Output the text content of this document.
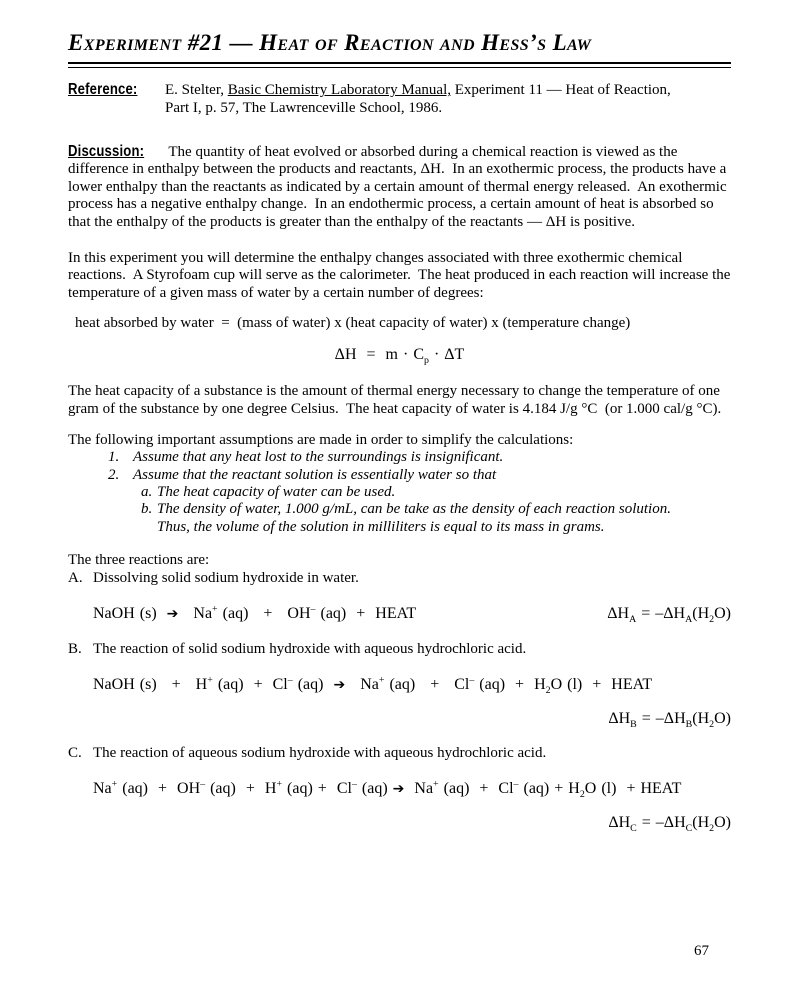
Experiment #21 — Heat of Reaction and Hess’s Law
Reference:	E. Stelter, Basic Chemistry Laboratory Manual, Experiment 11 — Heat of Reaction, Part I, p. 57, The Lawrenceville School, 1986.

Discussion: The quantity of heat evolved or absorbed during a chemical reaction is viewed as the difference in enthalpy between the products and reactants, ΔH.  In an exothermic process, the products have a lower enthalpy than the reactants as indicated by a certain amount of thermal energy released.  An exothermic process has a negative enthalpy change.  In an endothermic process, a certain amount of heat is absorbed so that the enthalpy of the products is greater than the enthalpy of the reactants — ΔH is positive.

In this experiment you will determine the enthalpy changes associated with three exothermic chemical reactions.  A Styrofoam cup will serve as the calorimeter.  The heat produced in each reaction will increase the temperature of a given mass of water by a certain number of degrees:

heat absorbed by water  =  (mass of water) x (heat capacity of water) x (temperature change)

$\Delta H = m \cdot C_p \cdot \Delta T$

The heat capacity of a substance is the amount of thermal energy necessary to change the temperature of one gram of the substance by one degree Celsius.  The heat capacity of water is 4.184 J/g °C  (or 1.000 cal/g °C).

The following important assumptions are made in order to simplify the calculations:

1. Assume that any heat lost to the surroundings is insignificant.

2. Assume that the reactant solution is essentially water so that

a. The heat capacity of water can be used.

b. The density of water, 1.000 g/mL, can be take as the density of each reaction solution.

Thus, the volume of the solution in milliliters is equal to its mass in grams.

The three reactions are:

A. Dissolving solid sodium hydroxide in water.

NaOH (s)  ➔   Na+ (aq)   +   OH– (aq)  +  HEAT	$\Delta H_A = -\Delta H_A(H_2O)$

B. The reaction of solid sodium hydroxide with aqueous hydrochloric acid.

NaOH (s)   +   H+ (aq)  +  Cl– (aq)  ➔   Na+ (aq)   +   Cl– $(aq) + H_2O$ (l)  +  HEAT

$\Delta H_B = -\Delta H_B(H_2O)$

C. The reaction of aqueous sodium hydroxide with aqueous hydrochloric acid.

Na+ (aq)  +  OH– (aq)  +  H+ (aq) +  Cl– (aq) ➔  Na+ (aq)  +  Cl– $(aq) + H_2O$ (l)  + HEAT

$\Delta H_C = -\Delta H_C(H_2O)$

67
